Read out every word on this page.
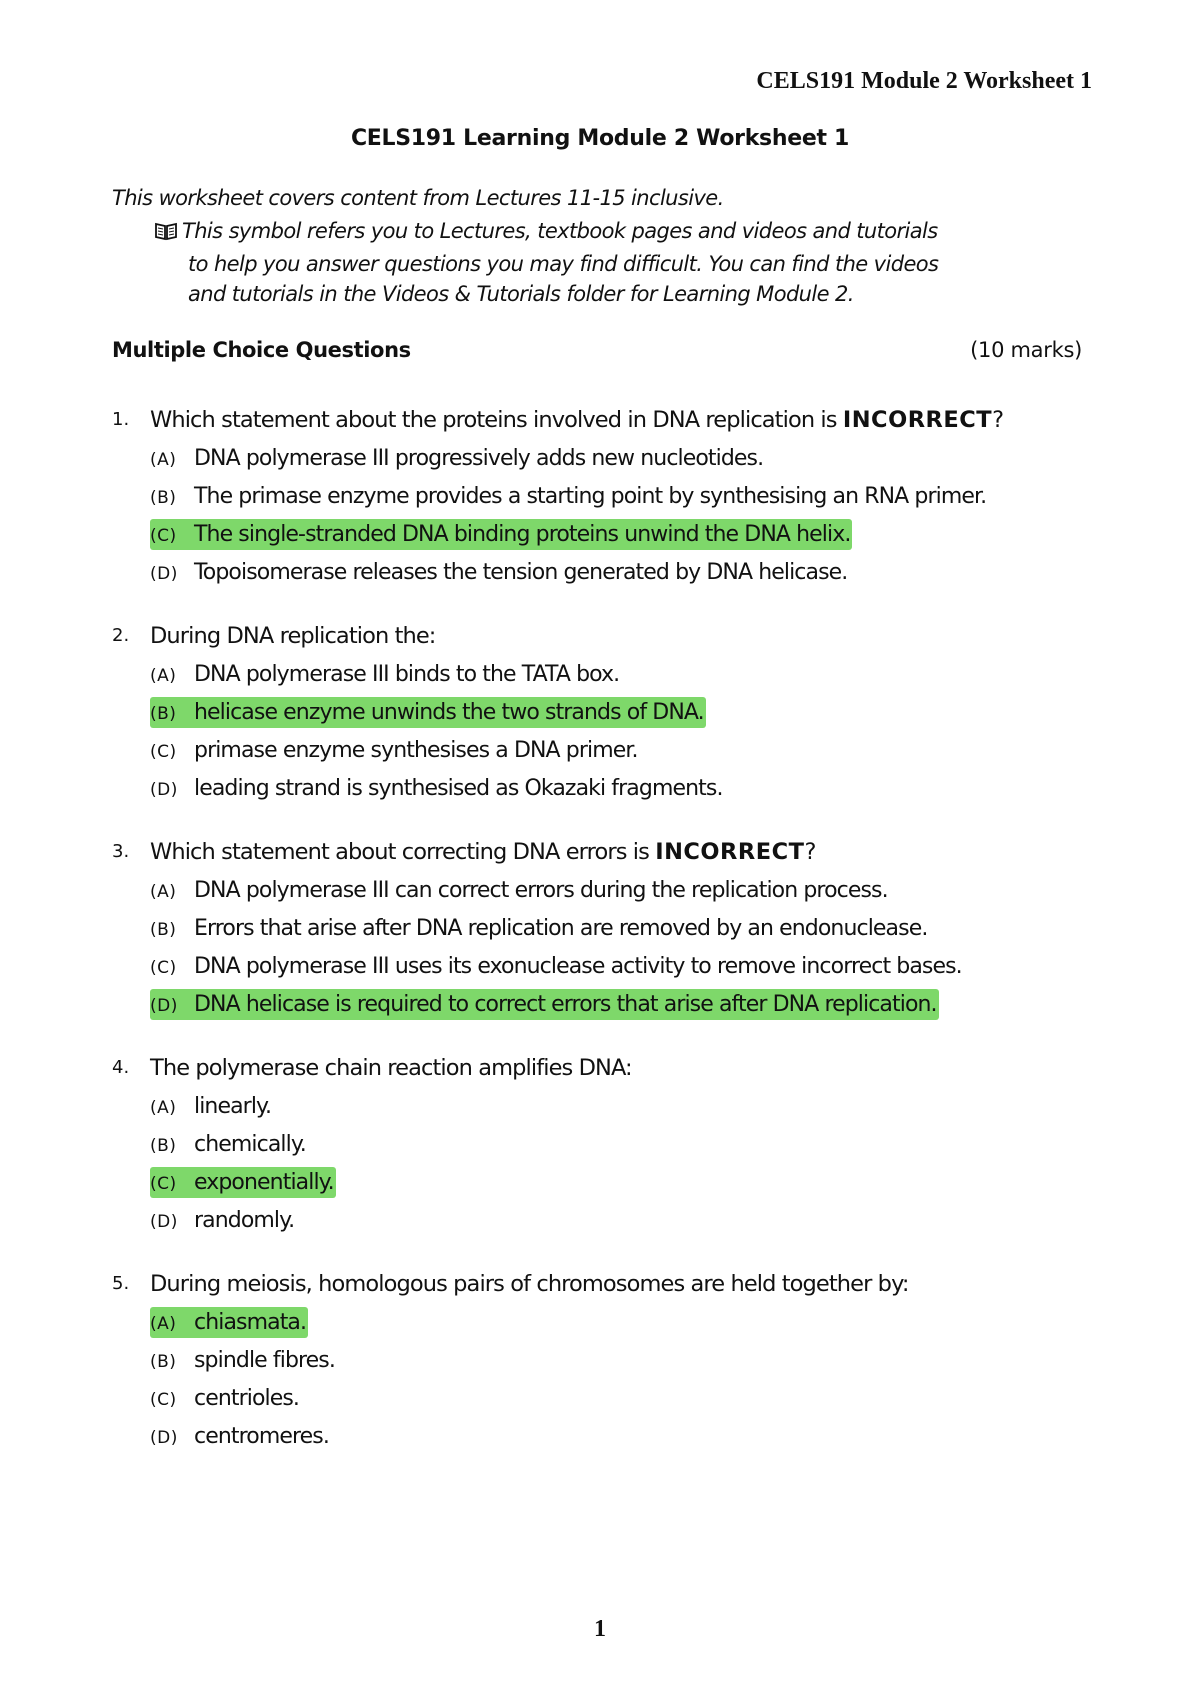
CELS191 Module 2 Worksheet 1
CELS191 Learning Module 2 Worksheet 1

This worksheet covers content from Lectures 11-15 inclusive.

This symbol refers you to Lectures, textbook pages and videos and tutorials
to help you answer questions you may find difficult. You can find the videos
and tutorials in the Videos & Tutorials folder for Learning Module 2.
Multiple Choice Questions	(10 marks)
1. Which statement about the proteins involved in DNA replication is INCORRECT?
(A) DNA polymerase III progressively adds new nucleotides.
(B) The primase enzyme provides a starting point by synthesising an RNA primer.
(C) The single-stranded DNA binding proteins unwind the DNA helix.
(D) Topoisomerase releases the tension generated by DNA helicase.
2. During DNA replication the:
(A) DNA polymerase III binds to the TATA box.
(B) helicase enzyme unwinds the two strands of DNA.
(C) primase enzyme synthesises a DNA primer.
(D) leading strand is synthesised as Okazaki fragments.
3. Which statement about correcting DNA errors is INCORRECT?
(A) DNA polymerase III can correct errors during the replication process.
(B) Errors that arise after DNA replication are removed by an endonuclease.
(C) DNA polymerase III uses its exonuclease activity to remove incorrect bases.
(D) DNA helicase is required to correct errors that arise after DNA replication.
4. The polymerase chain reaction amplifies DNA:
(A) linearly.
(B) chemically.
(C) exponentially.
(D) randomly.
5. During meiosis, homologous pairs of chromosomes are held together by:
(A) chiasmata.
(B) spindle fibres.
(C) centrioles.
(D) centromeres.
1
